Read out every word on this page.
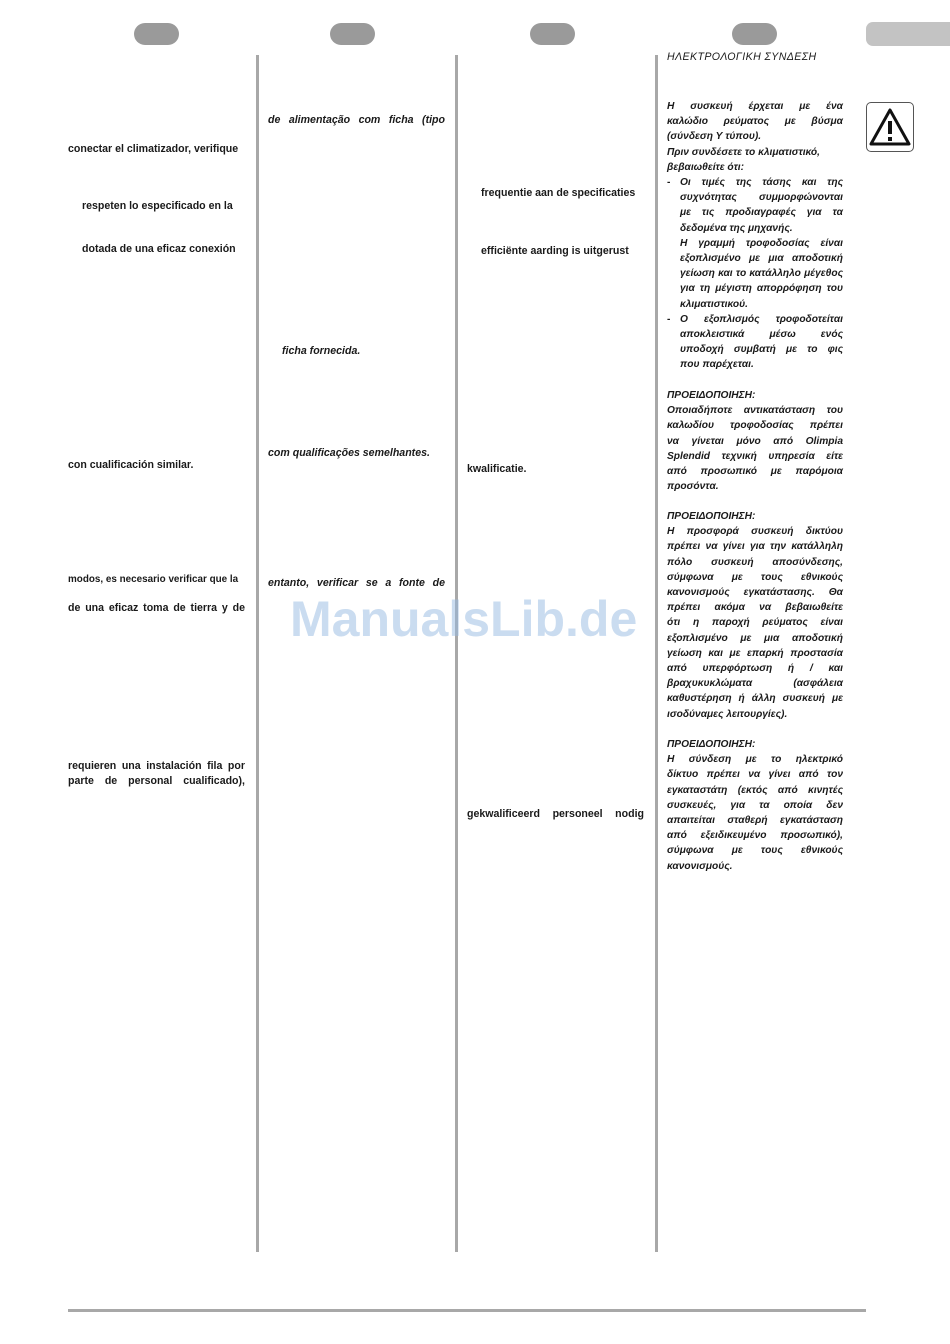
conectar el climatizador, verifique

respeten lo especificado en la

dotada de una eficaz conexión

con cualificación similar.

modos, es necesario verificar que la

de una eficaz toma de tierra y de

requieren una instalación fila por

parte de personal cualificado),

de alimentação com ficha (tipo

ficha fornecida.

com qualificações semelhantes.

entanto, verificar se a fonte de

frequentie aan de specificaties

efficiënte aarding is uitgerust

kwalificatie.

gekwalificeerd personeel nodig

ΗΛΕΚΤΡΟΛΟΓΙΚΗ ΣΥΝΔΕΣΗ

Η συσκευή έρχεται με ένα

καλώδιο ρεύματος με βύσμα

(σύνδεση Υ τύπου).

Πριν συνδέσετε το κλιματιστικό,

βεβαιωθείτε ότι:

- Οι τιμές της τάσης και της

συχνότητας συμμορφώνονται

με τις προδιαγραφές για τα

δεδομένα της μηχανής.

Η γραμμή τροφοδοσίας είναι

εξοπλισμένο με μια αποδοτική

γείωση και το κατάλληλο μέγεθος

για τη μέγιστη απορρόφηση του

κλιματιστικού.

- Ο εξοπλισμός τροφοδοτείται

αποκλειστικά μέσω ενός

υποδοχή συμβατή με το φις

που παρέχεται.

ΠΡΟΕΙΔΟΠΟΙΗΣΗ:

Οποιαδήποτε αντικατάσταση του

καλωδίου τροφοδοσίας πρέπει

να γίνεται μόνο από Olimpia

Splendid τεχνική υπηρεσία είτε

από προσωπικό με παρόμοια

προσόντα.

ΠΡΟΕΙΔΟΠΟΙΗΣΗ:

Η προσφορά συσκευή δικτύου

πρέπει να γίνει για την κατάλληλη

πόλο συσκευή αποσύνδεσης,

σύμφωνα με τους εθνικούς

κανονισμούς εγκατάστασης. Θα

πρέπει ακόμα να βεβαιωθείτε

ότι η παροχή ρεύματος είναι

εξοπλισμένο με μια αποδοτική

γείωση και με επαρκή προστασία

από υπερφόρτωση ή / και

βραχυκυκλώματα (ασφάλεια

καθυστέρηση ή άλλη συσκευή με

ισοδύναμες λειτουργίες).

ΠΡΟΕΙΔΟΠΟΙΗΣΗ:

Η σύνδεση με το ηλεκτρικό

δίκτυο πρέπει να γίνει από τον

εγκαταστάτη (εκτός από κινητές

συσκευές, για τα οποία δεν

απαιτείται σταθερή εγκατάσταση

από εξειδικευμένο προσωπικό),

σύμφωνα με τους εθνικούς

κανονισμούς.

ManualsLib.de
